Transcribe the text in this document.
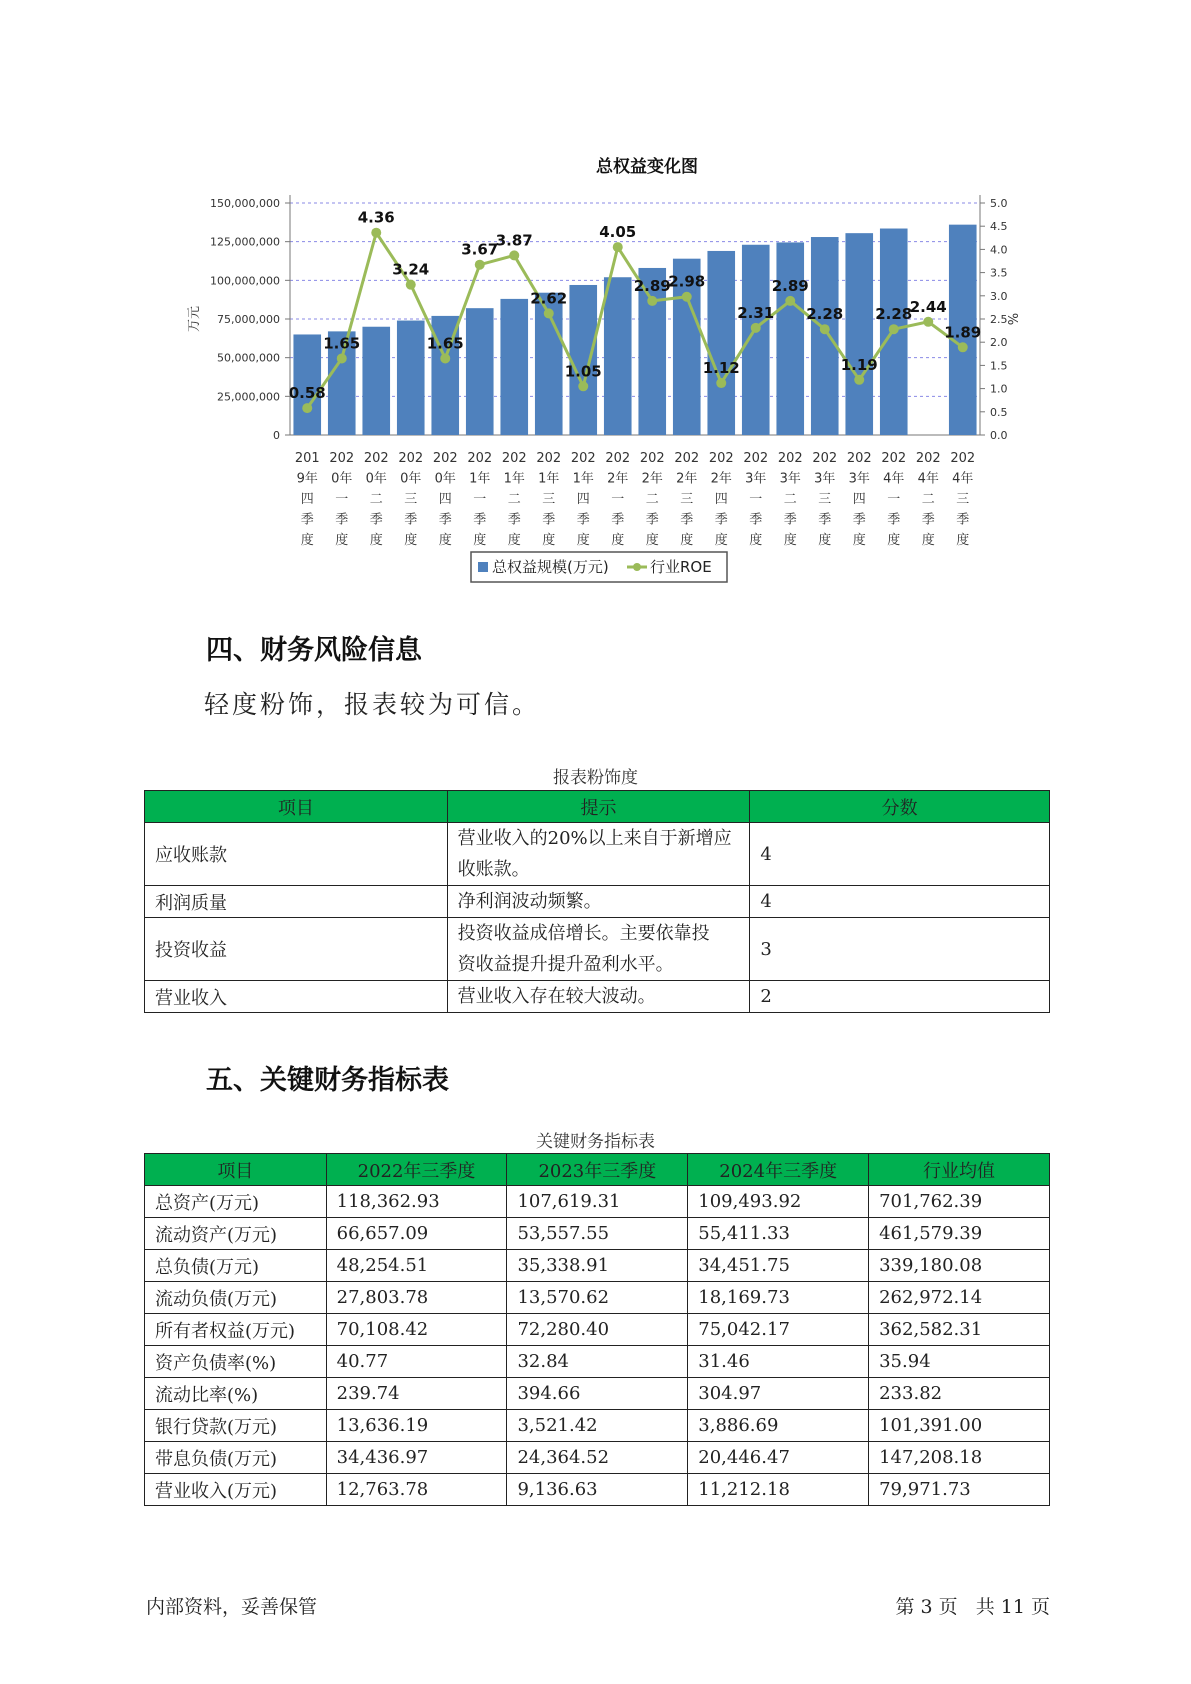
总权益变化图
0
25,000,000
50,000,000
75,000,000
100,000,000
125,000,000
150,000,000
0.0
0.5
1.0
1.5
2.0
2.5
3.0
3.5
4.0
4.5
5.0
万元	%
0.58
1.65
4.36
3.24
1.65
3.67
3.87
2.62
1.05
4.05
2.89
2.98
1.12
2.31
2.89
2.28
1.19
2.28
2.44
1.89
201 9年四季度
202 0年一季度
202 0年二季度
202 0年三季度
202 0年四季度
202 1年一季度
202 1年二季度
202 1年三季度
202 1年四季度
202 2年一季度
202 2年二季度
202 2年三季度
202 2年四季度
202 3年一季度
202 3年二季度
202 3年三季度
202 3年四季度
202 4年一季度
202 4年二季度
202 4年三季度
总权益规模(万元)	行业ROE
四、财务风险信息
轻度粉饰，报表较为可信。
报表粉饰度
项目	提示	分数
应收账款	营业收入的20%以上来自于新增应
收账款。	4
利润质量	净利润波动频繁。	4
投资收益	投资收益成倍增长。主要依靠投
资收益提升提升盈利水平。	3
营业收入	营业收入存在较大波动。	2
五、关键财务指标表
关键财务指标表
项目	2022年三季度	2023年三季度	2024年三季度	行业均值
总资产(万元)	118,362.93	107,619.31	109,493.92	701,762.39
流动资产(万元)	66,657.09	53,557.55	55,411.33	461,579.39
总负债(万元)	48,254.51	35,338.91	34,451.75	339,180.08
流动负债(万元)	27,803.78	13,570.62	18,169.73	262,972.14
所有者权益(万元)	70,108.42	72,280.40	75,042.17	362,582.31
资产负债率(%)	40.77	32.84	31.46	35.94
流动比率(%)	239.74	394.66	304.97	233.82
银行贷款(万元)	13,636.19	3,521.42	3,886.69	101,391.00
带息负债(万元)	34,436.97	24,364.52	20,446.47	147,208.18
营业收入(万元)	12,763.78	9,136.63	11,212.18	79,971.73
内部资料，妥善保管	第 3 页   共 11 页
